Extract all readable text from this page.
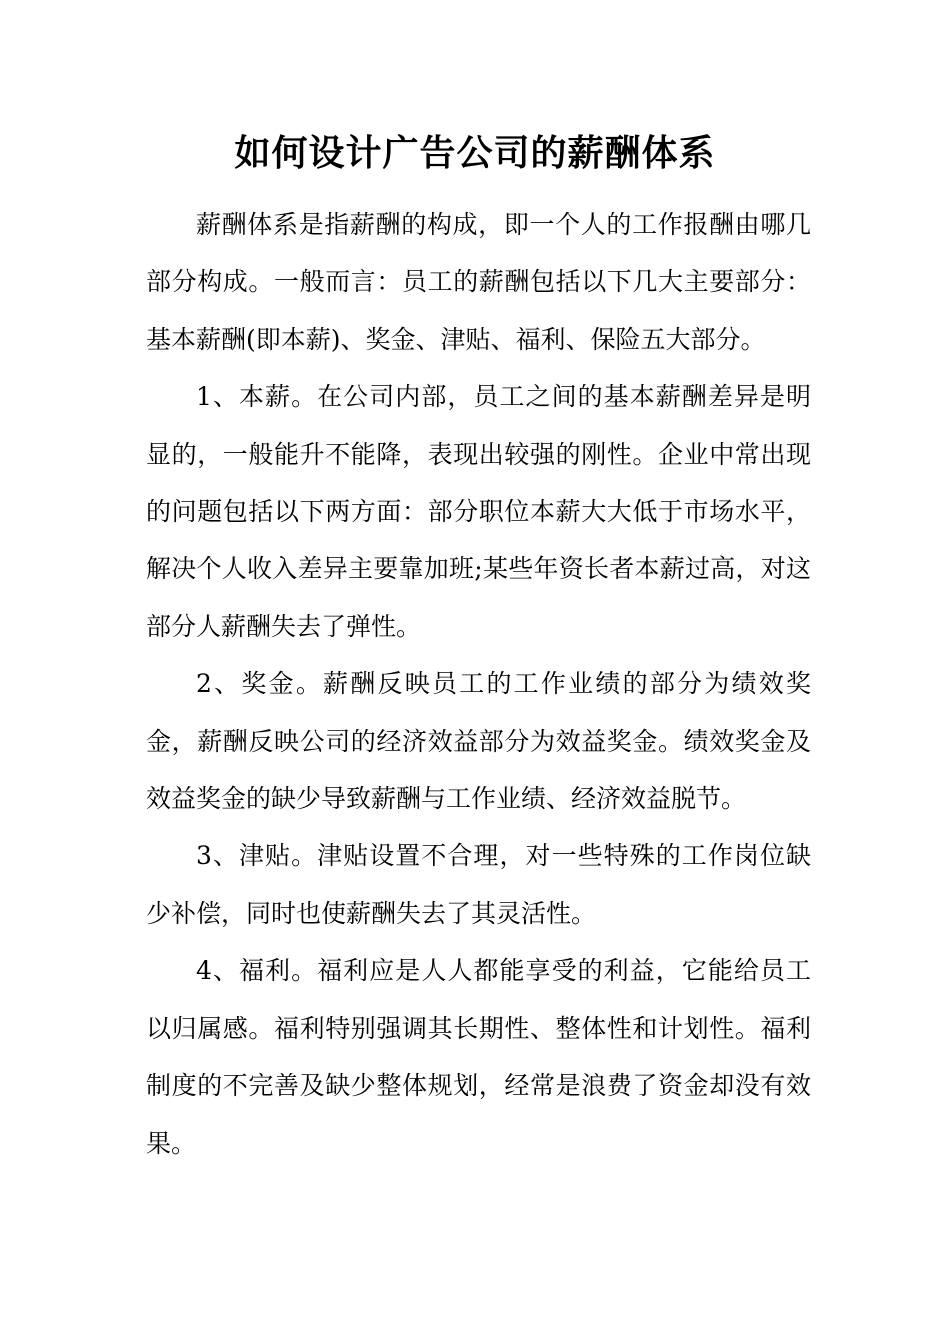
如何设计广告公司的薪酬体系

薪酬体系是指薪酬的构成，即一个人的工作报酬由哪几部分构成。一般而言：员工的薪酬包括以下几大主要部分：基本薪酬(即本薪)、奖金、津贴、福利、保险五大部分。

1、本薪。在公司内部，员工之间的基本薪酬差异是明显的，一般能升不能降，表现出较强的刚性。企业中常出现的问题包括以下两方面：部分职位本薪大大低于市场水平，解决个人收入差异主要靠加班;某些年资长者本薪过高，对这部分人薪酬失去了弹性。

2、奖金。薪酬反映员工的工作业绩的部分为绩效奖金，薪酬反映公司的经济效益部分为效益奖金。绩效奖金及效益奖金的缺少导致薪酬与工作业绩、经济效益脱节。

3、津贴。津贴设置不合理，对一些特殊的工作岗位缺少补偿，同时也使薪酬失去了其灵活性。

4、福利。福利应是人人都能享受的利益，它能给员工以归属感。福利特别强调其长期性、整体性和计划性。福利制度的不完善及缺少整体规划，经常是浪费了资金却没有效果。
